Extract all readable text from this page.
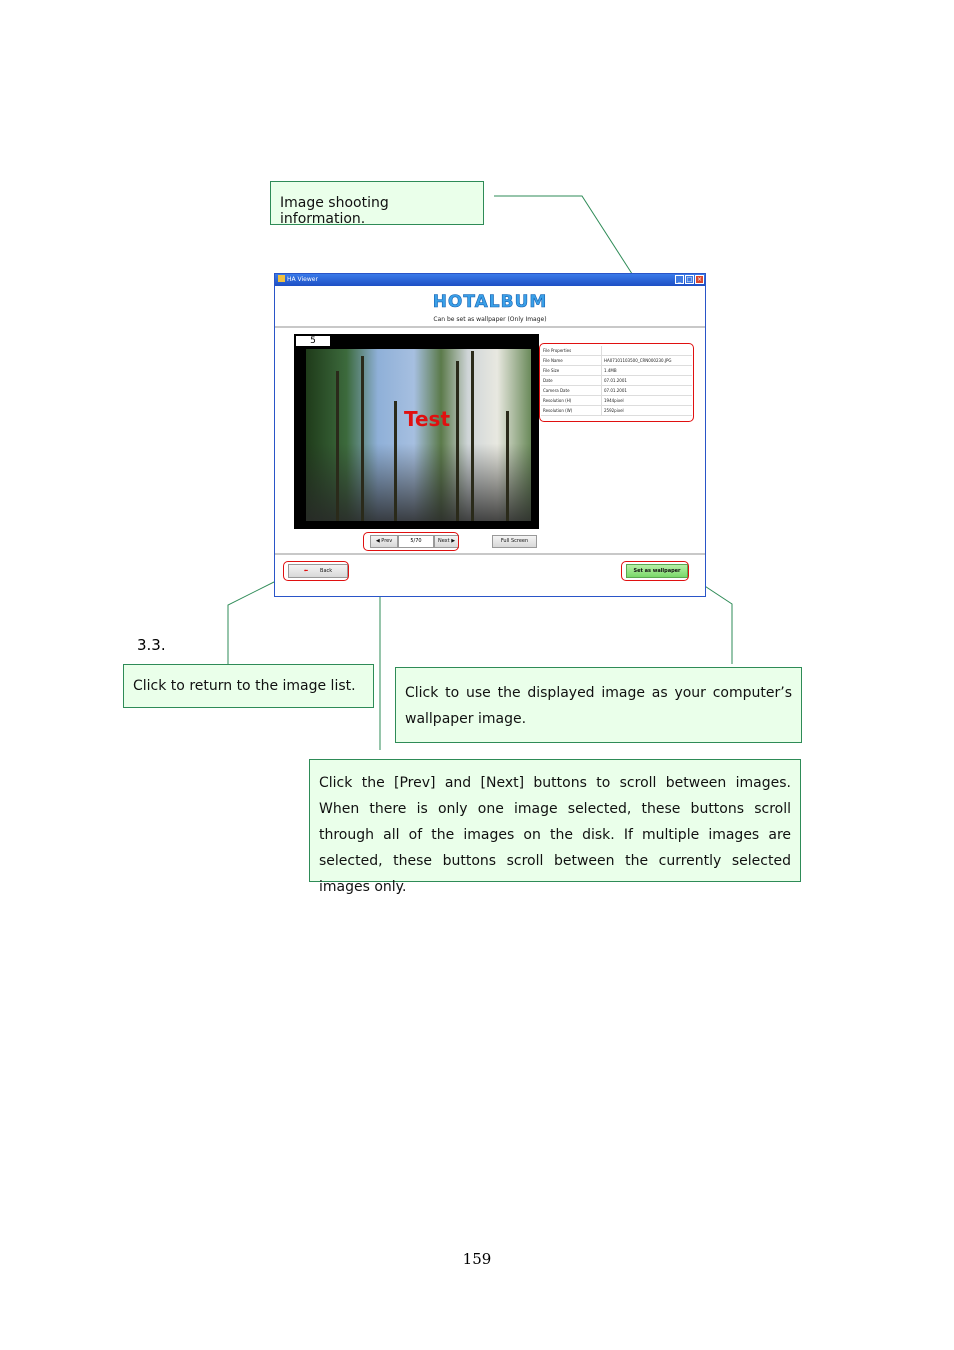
Image shooting information.

HA Viewer	_ □ ×
HOTALBUM
Can be set as wallpaper (Only Image)
Test
5
File Properties	
File Name	HA07101103500_CRN000230.JPG
File Size	1.4MB
Date	07.01.2001
Camera Date	07.01.2001
Resolution (H)	1944pixel
Resolution (W)	2592pixel
◀ Prev	5/70	Next ▶	Full Screen
⬅ Back	Set as wallpaper
3.3.

Click to return to the image list.	Click to use the displayed image as your computer’s wallpaper image.

Click the [Prev] and [Next] buttons to scroll between images. When there is only one image selected, these buttons scroll through all of the images on the disk. If multiple images are selected, these buttons scroll between the currently selected images only.

159
